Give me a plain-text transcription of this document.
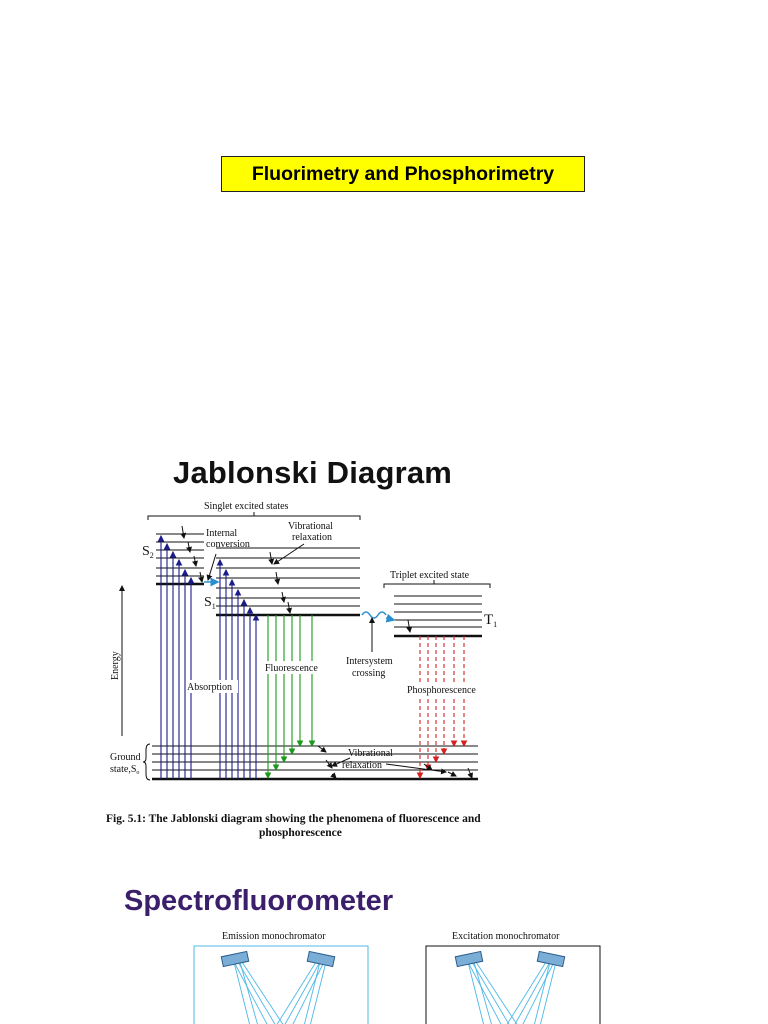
Fluorimetry and Phosphorimetry
Jablonski Diagram
Singlet excited states
$S_2$
$S_1$
Internal conversion
Vibrational relaxation
Triplet excited state
$T_1$
Intersystem crossing
Energy
Ground $state,S_o$
Absorption
Fluorescence
Phosphorescence
Vibrational relaxation
Fig. 5.1: The Jablonski diagram showing the phenomena of fluorescence and
phosphorescence
Spectrofluorometer
Emission monochromator	Excitation monochromator
